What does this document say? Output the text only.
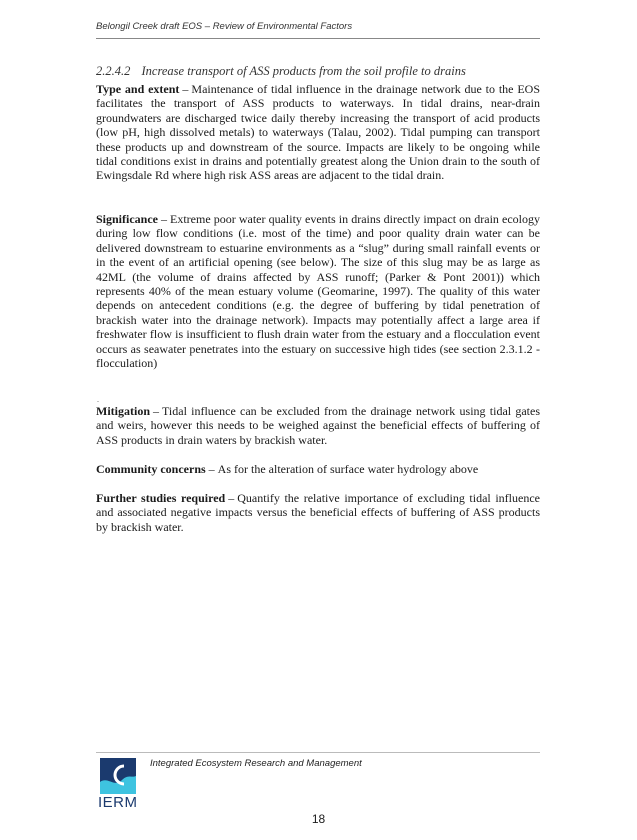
Belongil Creek draft EOS – Review of Environmental Factors
2.2.4.2 Increase transport of ASS products from the soil profile to drains
Type and extent – Maintenance of tidal influence in the drainage network due to the EOS facilitates the transport of ASS products to waterways. In tidal drains, near-drain groundwaters are discharged twice daily thereby increasing the transport of acid products (low pH, high dissolved metals) to waterways (Talau, 2002). Tidal pumping can transport these products up and downstream of the source. Impacts are likely to be ongoing while tidal conditions exist in drains and potentially greatest along the Union drain to the south of Ewingsdale Rd where high risk ASS areas are adjacent to the tidal drain.
Significance – Extreme poor water quality events in drains directly impact on drain ecology during low flow conditions (i.e. most of the time) and poor quality drain water can be delivered downstream to estuarine environments as a “slug” during small rainfall events or in the event of an artificial opening (see below). The size of this slug may be as large as 42ML (the volume of drains affected by ASS runoff; (Parker & Pont 2001)) which represents 40% of the mean estuary volume (Geomarine, 1997). The quality of this water depends on antecedent conditions (e.g. the degree of buffering by tidal penetration of brackish water into the drainage network). Impacts may potentially affect a large area if freshwater flow is insufficient to flush drain water from the estuary and a flocculation event occurs as seawater penetrates into the estuary on successive high tides (see section 2.3.1.2 - flocculation)
.
Mitigation – Tidal influence can be excluded from the drainage network using tidal gates and weirs, however this needs to be weighed against the beneficial effects of buffering of ASS products in drain waters by brackish water.
Community concerns – As for the alteration of surface water hydrology above
Further studies required – Quantify the relative importance of excluding tidal influence and associated negative impacts versus the beneficial effects of buffering of ASS products by brackish water.
IERM
Integrated Ecosystem Research and Management
18
